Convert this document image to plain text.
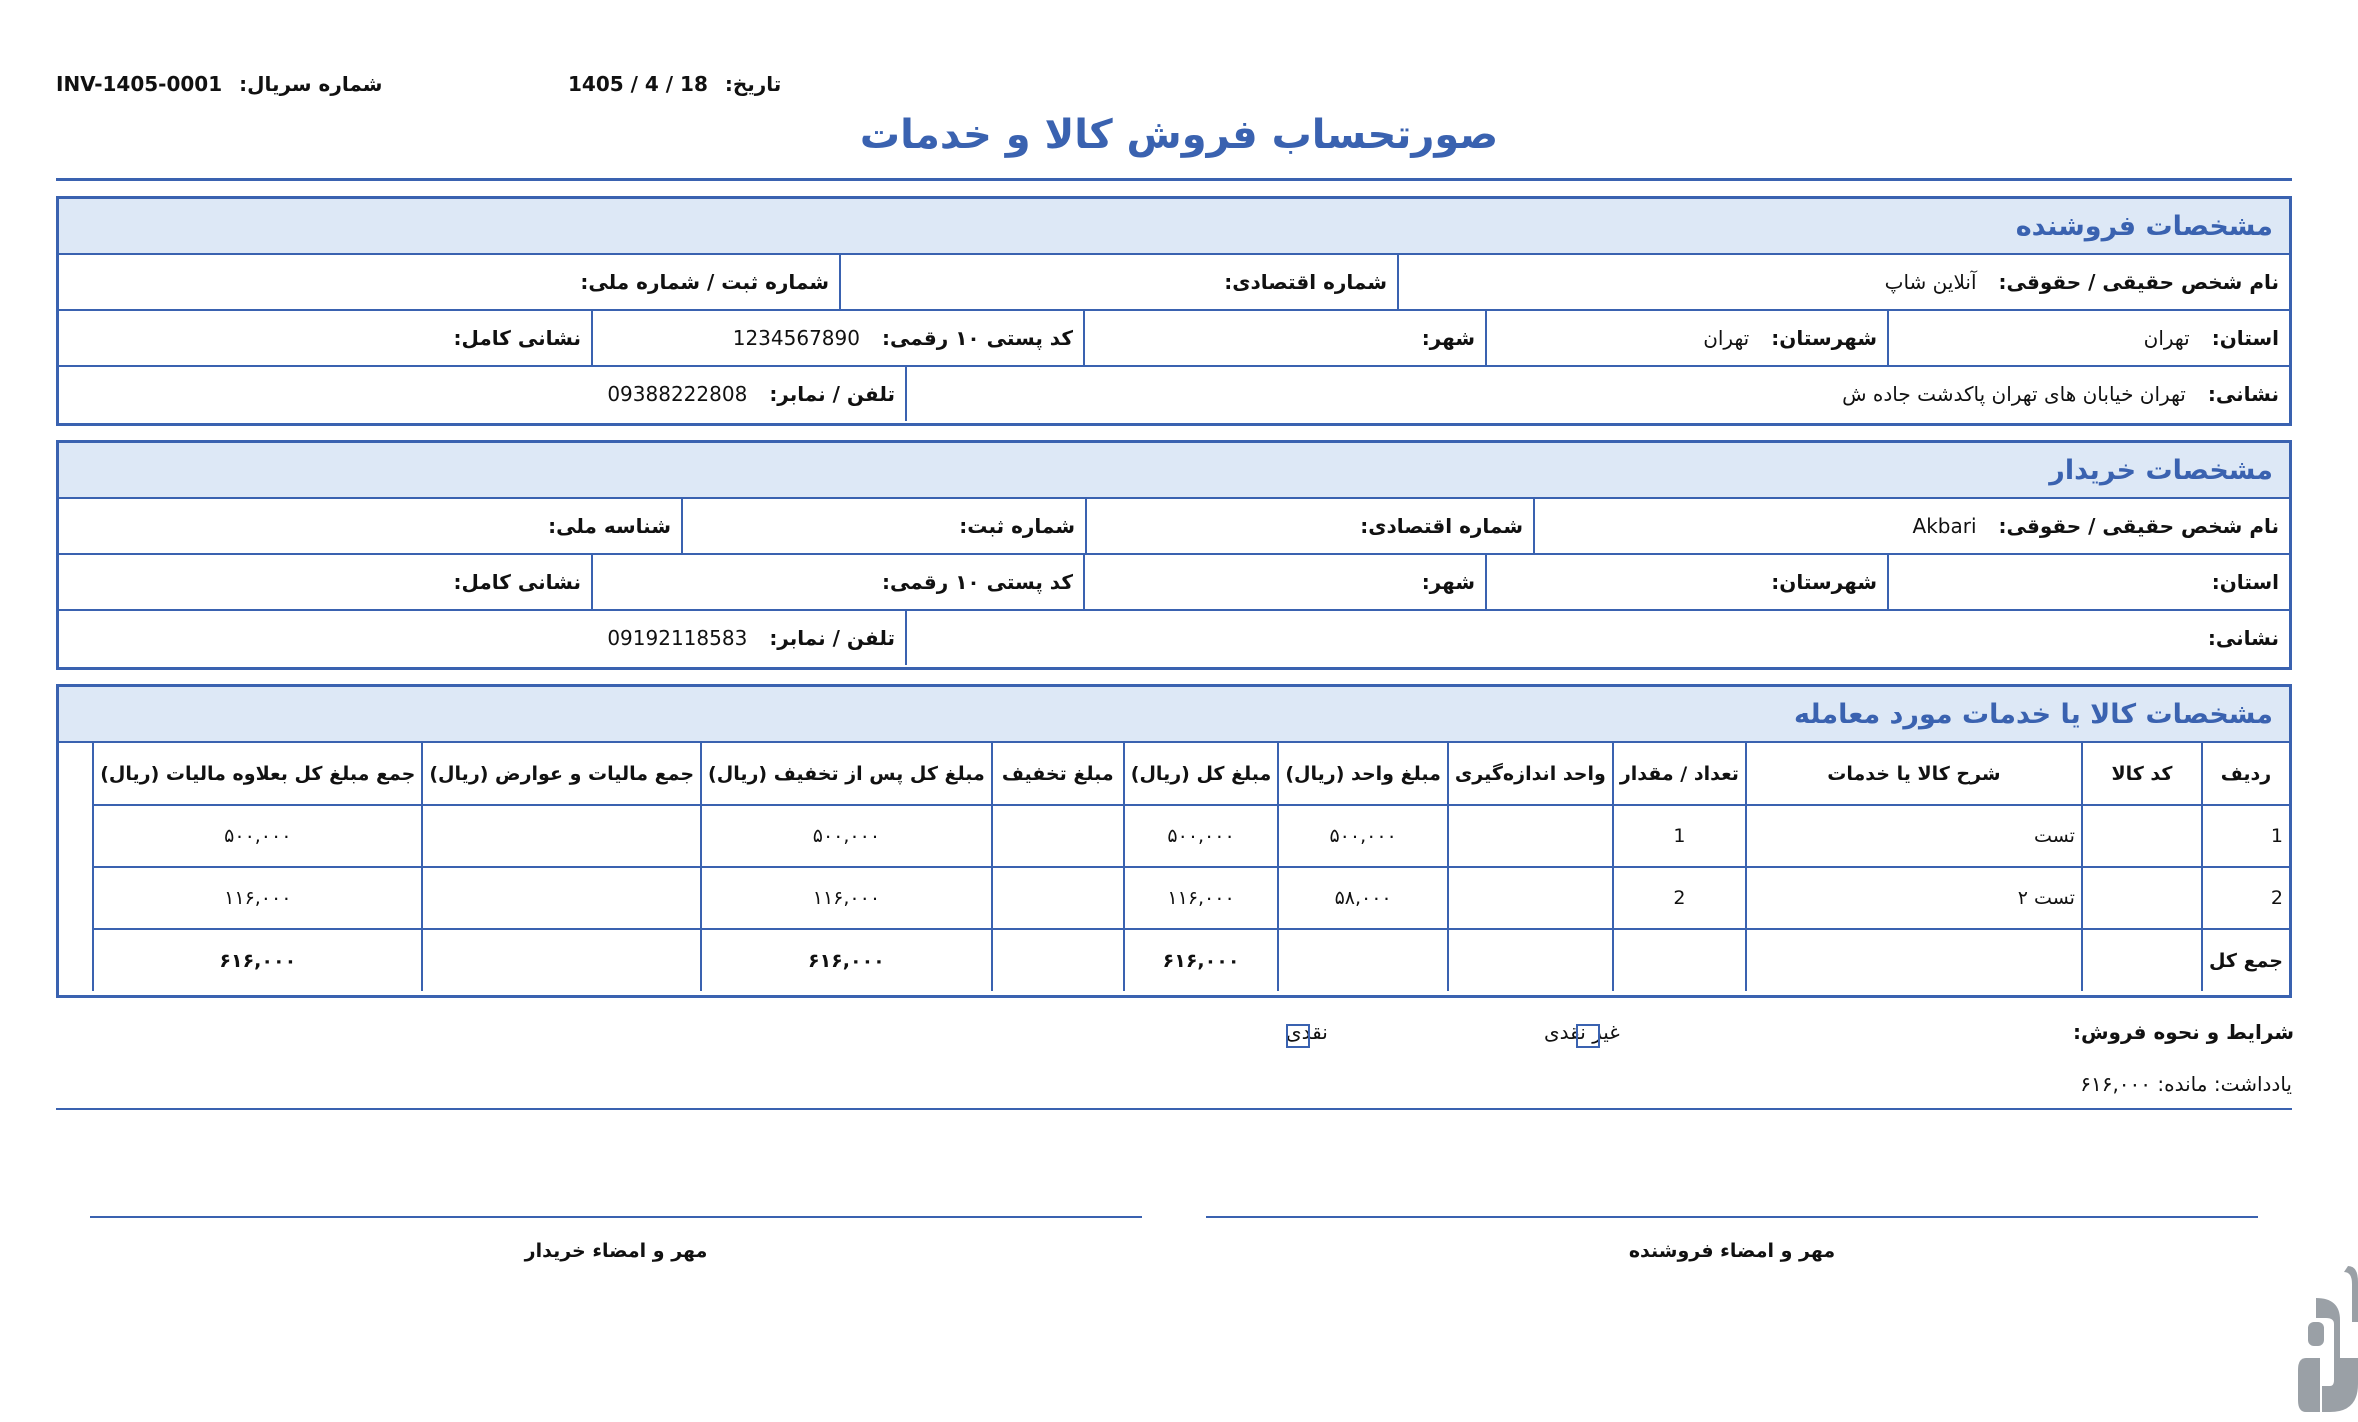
تاریخ: 1405 / 4 / 18
شماره سریال: INV-1405-0001
صورتحساب فروش کالا و خدمات
مشخصات فروشنده
نام شخص حقیقی / حقوقی:
آنلاین شاپ
شماره اقتصادی:
شماره ثبت / شماره ملی:
استان:
تهران
شهرستان:
تهران
شهر:
کد پستی ۱۰ رقمی:
1234567890
نشانی کامل:
نشانی:
تهران خیابان های تهران پاکدشت جاده ش
تلفن / نمابر:
09388222808
مشخصات خریدار
نام شخص حقیقی / حقوقی:
Akbari
شماره اقتصادی:
شماره ثبت:
شناسه ملی:
استان:
شهرستان:
شهر:
کد پستی ۱۰ رقمی:
نشانی کامل:
نشانی:
تلفن / نمابر:
09192118583
مشخصات کالا یا خدمات مورد معامله
ردیف	کد کالا	شرح کالا یا خدمات	تعداد / مقدار	واحد اندازه‌گیری	مبلغ واحد (ریال)	مبلغ کل (ریال)	مبلغ تخفیف	مبلغ کل پس از تخفیف (ریال)	جمع مالیات و عوارض (ریال)	جمع مبلغ کل بعلاوه مالیات (ریال)
1		تست	1		۵۰۰,۰۰۰	۵۰۰,۰۰۰		۵۰۰,۰۰۰		۵۰۰,۰۰۰
2		تست ۲	2		۵۸,۰۰۰	۱۱۶,۰۰۰		۱۱۶,۰۰۰		۱۱۶,۰۰۰
جمع کل						۶۱۶,۰۰۰		۶۱۶,۰۰۰		۶۱۶,۰۰۰
شرایط و نحوه فروش:
غیر نقدی
نقدی
یادداشت: مانده: ۶۱۶,۰۰۰
مهر و امضاء فروشنده
مهر و امضاء خریدار
